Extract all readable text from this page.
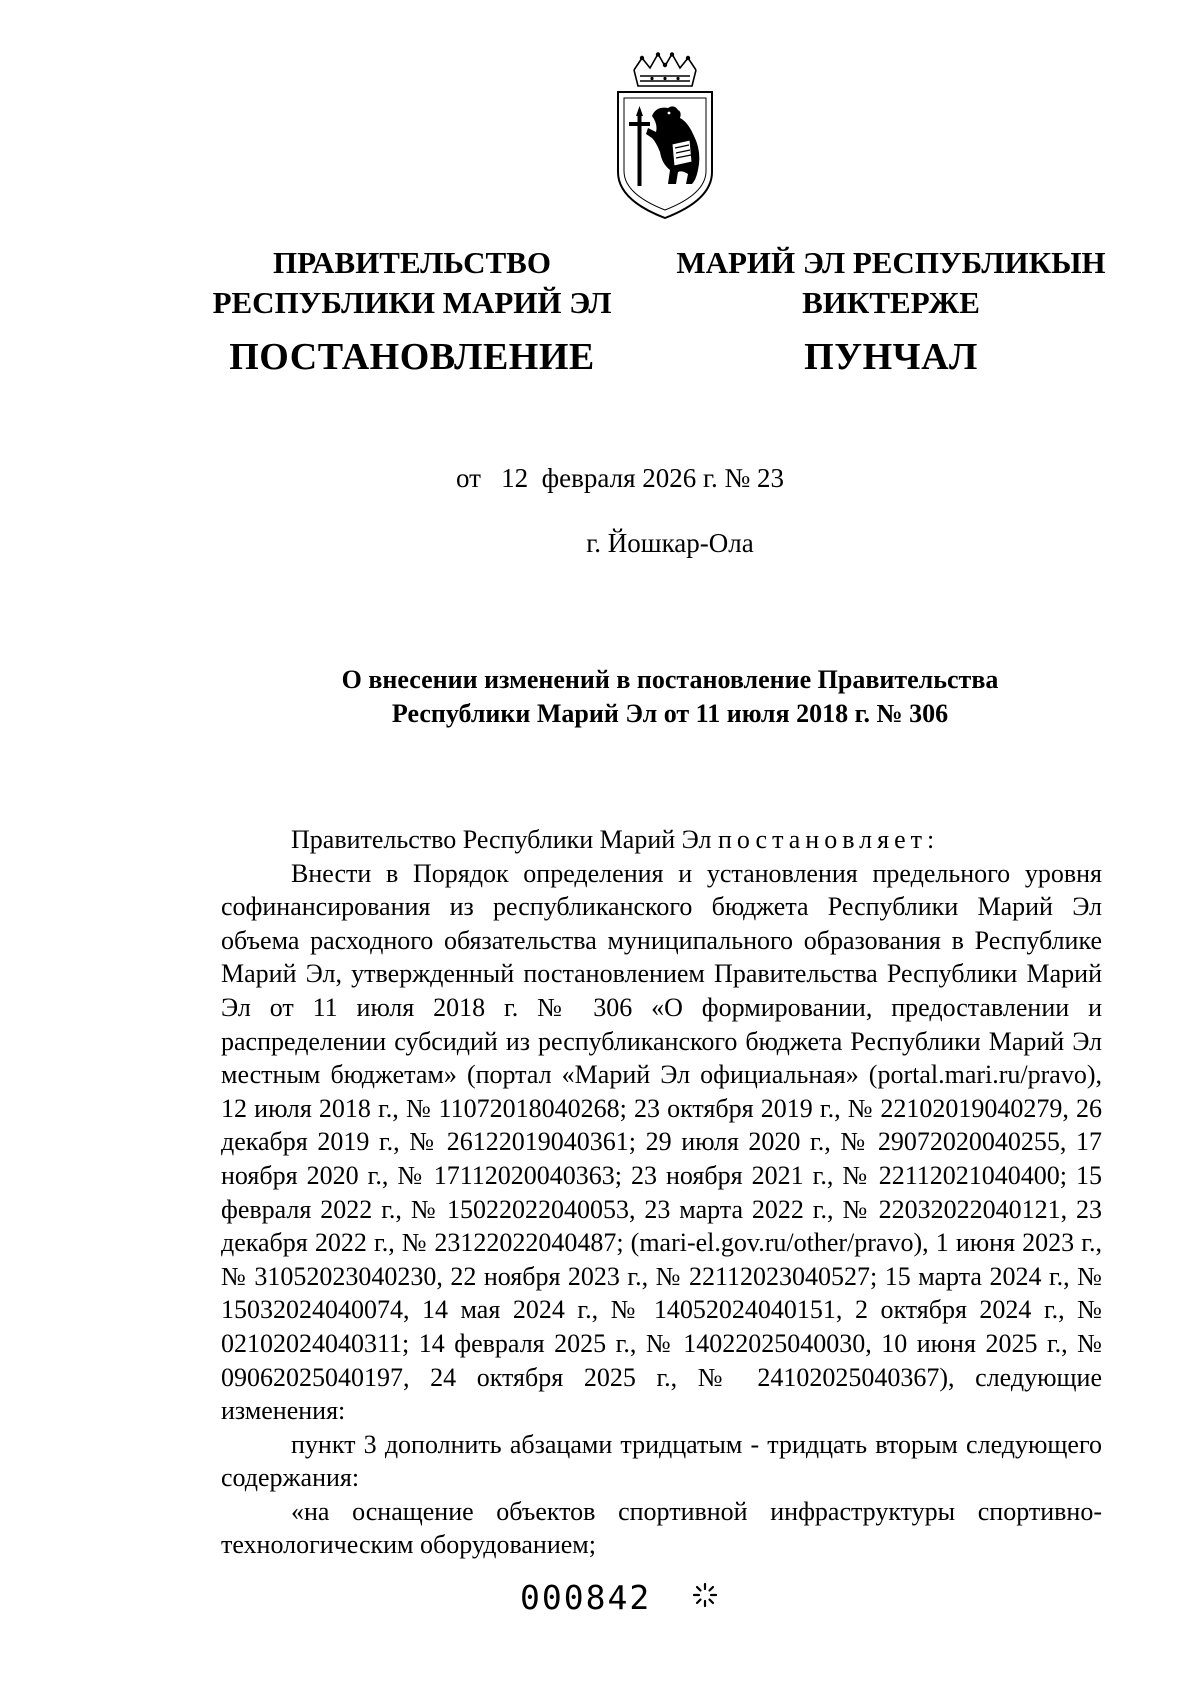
ПРАВИТЕЛЬСТВО
РЕСПУБЛИКИ МАРИЙ ЭЛ
ПОСТАНОВЛЕНИЕ
МАРИЙ ЭЛ РЕСПУБЛИКЫН
ВИКТЕРЖЕ
ПУНЧАЛ
от   12  февраля 2026 г. № 23
г. Йошкар-Ола
О внесении изменений в постановление Правительства
Республики Марий Эл от 11 июля 2018 г. № 306

Правительство Республики Марий Эл постановляет:

Внести в Порядок определения и установления предельного уровня софинансирования из республиканского бюджета Республики Марий Эл объема расходного обязательства муниципального образования в Республике Марий Эл, утвержденный постановлением Правительства Республики Марий Эл от 11 июля 2018 г. № 306 «О формировании, предоставлении и распределении субсидий из республиканского бюджета Республики Марий Эл местным бюджетам» (портал «Марий Эл официальная» (portal.mari.ru/pravo), 12 июля 2018 г., № 11072018040268; 23 октября 2019 г., № 22102019040279, 26 декабря 2019 г., № 26122019040361; 29 июля 2020 г., № 29072020040255, 17 ноября 2020 г., № 17112020040363; 23 ноября 2021 г., № 22112021040400; 15 февраля 2022 г., № 15022022040053, 23 марта 2022 г., № 22032022040121, 23 декабря 2022 г., № 23122022040487; (mari-el.gov.ru/other/pravo), 1 июня 2023 г., № 31052023040230, 22 ноября 2023 г., № 22112023040527; 15 марта 2024 г., № 15032024040074, 14 мая 2024 г., № 14052024040151, 2 октября 2024 г., № 02102024040311; 14 февраля 2025 г., № 14022025040030, 10 июня 2025 г., № 09062025040197, 24 октября 2025 г., № 24102025040367), следующие изменения:

пункт 3 дополнить абзацами тридцатым - тридцать вторым следующего содержания:

«на оснащение объектов спортивной инфраструктуры спортивно-технологическим оборудованием;

000842
